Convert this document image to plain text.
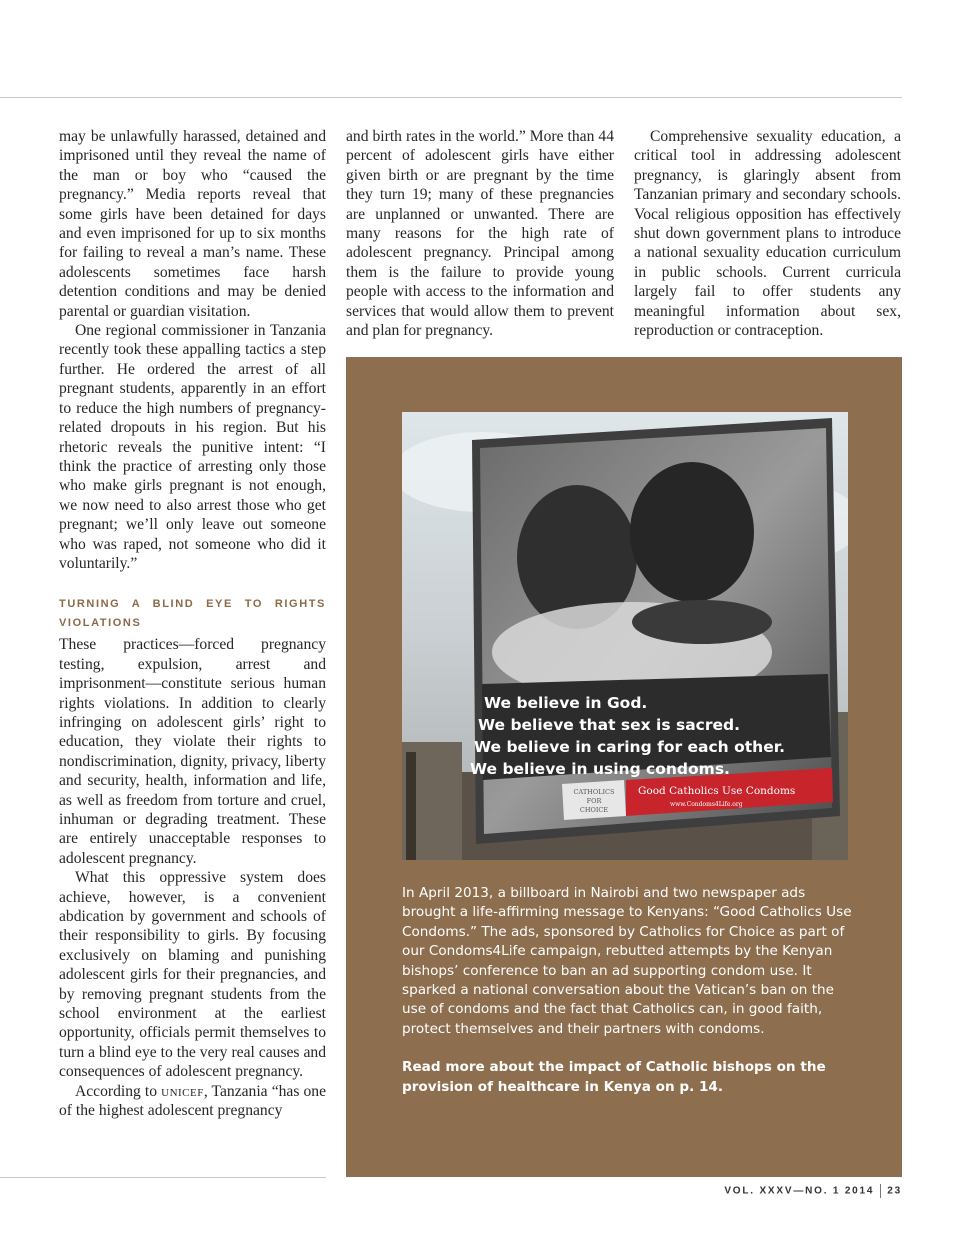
may be unlawfully harassed, detained and imprisoned until they reveal the name of the man or boy who “caused the pregnancy.” Media reports reveal that some girls have been detained for days and even imprisoned for up to six months for failing to reveal a man’s name. These adolescents sometimes face harsh detention conditions and may be denied parental or guardian visitation.

One regional commissioner in Tanzania recently took these appalling tactics a step further. He ordered the arrest of all pregnant students, apparently in an effort to reduce the high numbers of pregnancy-related dropouts in his region. But his rhetoric reveals the punitive intent: “I think the practice of arresting only those who make girls pregnant is not enough, we now need to also arrest those who get pregnant; we’ll only leave out someone who was raped, not someone who did it voluntarily.”

TURNING A BLIND EYE TO RIGHTS VIOLATIONS

These practices—forced pregnancy testing, expulsion, arrest and imprisonment—constitute serious human rights violations. In addition to clearly infringing on adolescent girls’ right to education, they violate their rights to nondiscrimination, dignity, privacy, liberty and security, health, information and life, as well as freedom from torture and cruel, inhuman or degrading treatment. These are entirely unacceptable responses to adolescent pregnancy.

What this oppressive system does achieve, however, is a convenient abdication by government and schools of their responsibility to girls. By focusing exclusively on blaming and punishing adolescent girls for their pregnancies, and by removing pregnant students from the school environment at the earliest opportunity, officials permit themselves to turn a blind eye to the very real causes and consequences of adolescent pregnancy.

According to unicef, Tanzania “has one of the highest adolescent pregnancy

and birth rates in the world.” More than 44 percent of adolescent girls have either given birth or are pregnant by the time they turn 19; many of these pregnancies are unplanned or unwanted. There are many reasons for the high rate of adolescent pregnancy. Principal among them is the failure to provide young people with access to the information and services that would allow them to prevent and plan for pregnancy.

Comprehensive sexuality education, a critical tool in addressing adolescent pregnancy, is glaringly absent from Tanzanian primary and secondary schools. Vocal religious opposition has effectively shut down government plans to introduce a national sexuality education curriculum in public schools. Current curricula largely fail to offer students any meaningful information about sex, reproduction or contraception.

We believe in God.
We believe that sex is sacred.
We believe in caring for each other.
We believe in using condoms.
CATHOLICS
FOR
CHOICE
Good Catholics Use Condoms
www.Condoms4Life.org

In April 2013, a billboard in Nairobi and two newspaper ads brought a life-affirming message to Kenyans: “Good Catholics Use Condoms.” The ads, sponsored by Catholics for Choice as part of our Condoms4Life campaign, rebutted attempts by the Kenyan bishops’ conference to ban an ad supporting condom use. It sparked a national conversation about the Vatican’s ban on the use of condoms and the fact that Catholics can, in good faith, protect themselves and their partners with condoms.

Read more about the impact of Catholic bishops on the provision of healthcare in Kenya on p. 14.

VOL. XXXV—NO. 1 2014 23
